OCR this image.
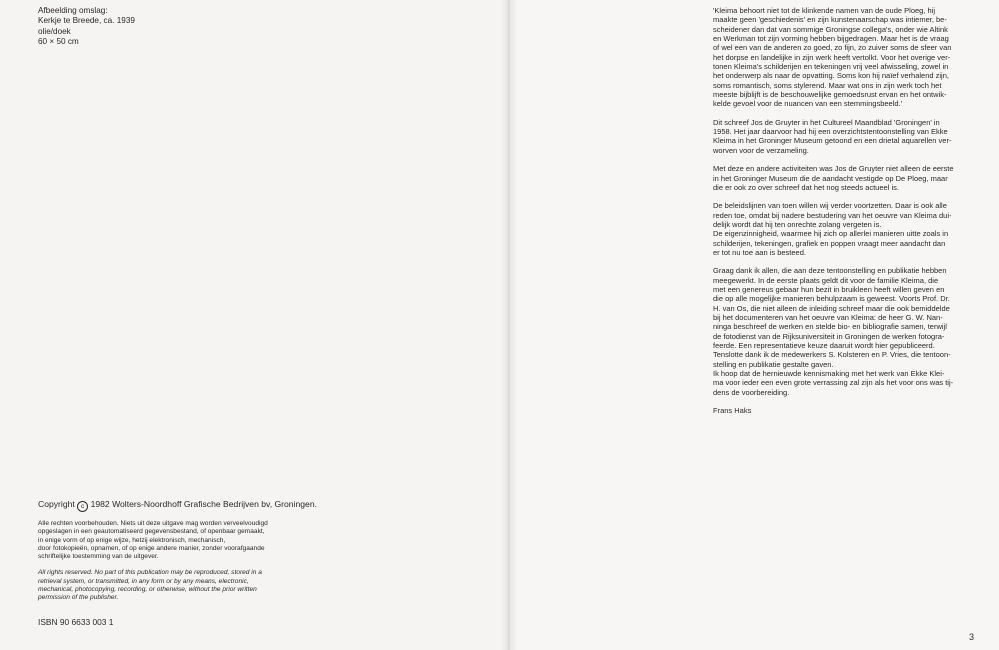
Afbeelding omslag:
Kerkje te Breede, ca. 1939
olie/doek
60 × 50 cm
Copyright c 1982 Wolters-Noordhoff Grafische Bedrijven bv, Groningen.
Alle rechten voorbehouden. Niets uit deze uitgave mag worden verveelvoudigd
opgeslagen in een geautomatiseerd gegevensbestand, of openbaar gemaakt,
in enige vorm of op enige wijze, hetzij elektronisch, mechanisch,
door fotokopieën, opnamen, of op enige andere manier, zonder voorafgaande
schriftelijke toestemming van de uitgever.
All rights reserved. No part of this publication may be reproduced, stored in a
retrieval system, or transmitted, in any form or by any means, electronic,
mechanical, photocopying, recording, or otherwise, without the prior written
permission of the publisher.
ISBN 90 6633 003 1
'Kleima behoort niet tot de klinkende namen van de oude Ploeg, hij
maakte geen 'geschiedenis' en zijn kunstenaarschap was intiemer, be-
scheidener dan dat van sommige Groningse collega's, onder wie Altink
en Werkman tot zijn vorming hebben bijgedragen. Maar het is de vraag
of wel een van de anderen zo goed, zo fijn, zo zuiver soms de sfeer van
het dorpse en landelijke in zijn werk heeft vertolkt. Voor het overige ver-
tonen Kleima's schilderijen en tekeningen vrij veel afwisseling, zowel in
het onderwerp als naar de opvatting. Soms kon hij naïef verhalend zijn,
soms romantisch, soms stylerend. Maar wat ons in zijn werk toch het
meeste bijblijft is de beschouwelijke gemoedsrust ervan en het ontwik-
kelde gevoel voor de nuancen van een stemmingsbeeld.'
Dit schreef Jos de Gruyter in het Cultureel Maandblad 'Groningen' in
1958. Het jaar daarvoor had hij een overzichtstentoonstelling van Ekke
Kleima in het Groninger Museum getoond en een drietal aquarellen ver-
worven voor de verzameling.
Met deze en andere activiteiten was Jos de Gruyter niet alleen de eerste
in het Groninger Museum die de aandacht vestigde op De Ploeg, maar
die er ook zo over schreef dat het nog steeds actueel is.
De beleidslijnen van toen willen wij verder voortzetten. Daar is ook alle
reden toe, omdat bij nadere bestudering van het oeuvre van Kleima dui-
delijk wordt dat hij ten onrechte zolang vergeten is.
De eigenzinnigheid, waarmee hij zich op allerlei manieren uitte zoals in
schilderijen, tekeningen, grafiek en poppen vraagt meer aandacht dan
er tot nu toe aan is besteed.
Graag dank ik allen, die aan deze tentoonstelling en publikatie hebben
meegewerkt. In de eerste plaats geldt dit voor de familie Kleima, die
met een genereus gebaar hun bezit in bruikleen heeft willen geven en
die op alle mogelijke manieren behulpzaam is geweest. Voorts Prof. Dr.
H. van Os, die niet alleen de inleiding schreef maar die ook bemiddelde
bij het documenteren van het oeuvre van Kleima: de heer G. W. Nan-
ninga beschreef de werken en stelde bio- en bibliografie samen, terwijl
de fotodienst van de Rijksuniversiteit in Groningen de werken fotogra-
feerde. Een representatieve keuze daaruit wordt hier gepubliceerd.
Tenslotte dank ik de medewerkers S. Kolsteren en P. Vries, die tentoon-
stelling en publikatie gestalte gaven.
Ik hoop dat de hernieuwde kennismaking met het werk van Ekke Klei-
ma voor ieder een even grote verrassing zal zijn als het voor ons was tij-
dens de voorbereiding.
Frans Haks
3
